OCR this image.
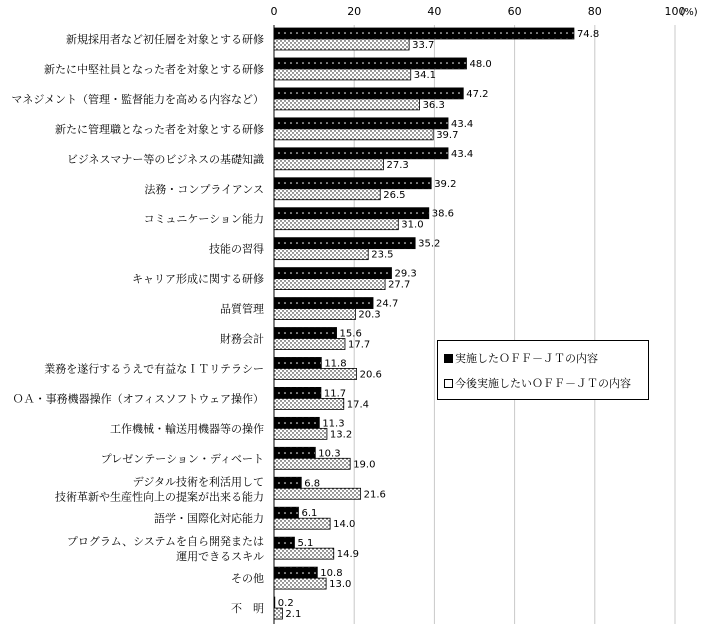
0	20	40	60	80	100
新規採用者など初任層を対象とする研修
新たに中堅社員となった者を対象とする研修
マネジメント（管理・監督能力を高める内容など）
新たに管理職となった者を対象とする研修
ビジネスマナー等のビジネスの基礎知識
法務・コンプライアンス
コミュニケーション能力
技能の習得
キャリア形成に関する研修
品質管理
財務会計
業務を遂行するうえで有益なＩＴリテラシー
ＯＡ・事務機器操作（オフィスソフトウェア操作）
工作機械・輸送用機器等の操作
プレゼンテーション・ディベート
デジタル技術を利活用して技術革新や生産性向上の提案が出来る能力
語学・国際化対応能力
プログラム、システムを自ら開発または運用できるスキル
その他
不　明
74.8
33.7
48.0
34.1
47.2
36.3
43.4
39.7
43.4
27.3
39.2
26.5
38.6
31.0
35.2
23.5
29.3
27.7
24.7
20.3
15.6
17.7
11.8
20.6
11.7
17.4
11.3
13.2
10.3
19.0
6.8
21.6
6.1
14.0
5.1
14.9
10.8
13.0
0.2
2.1
(%)
実施したＯＦＦ－ＪＴの内容
今後実施したいＯＦＦ－ＪＴの内容
